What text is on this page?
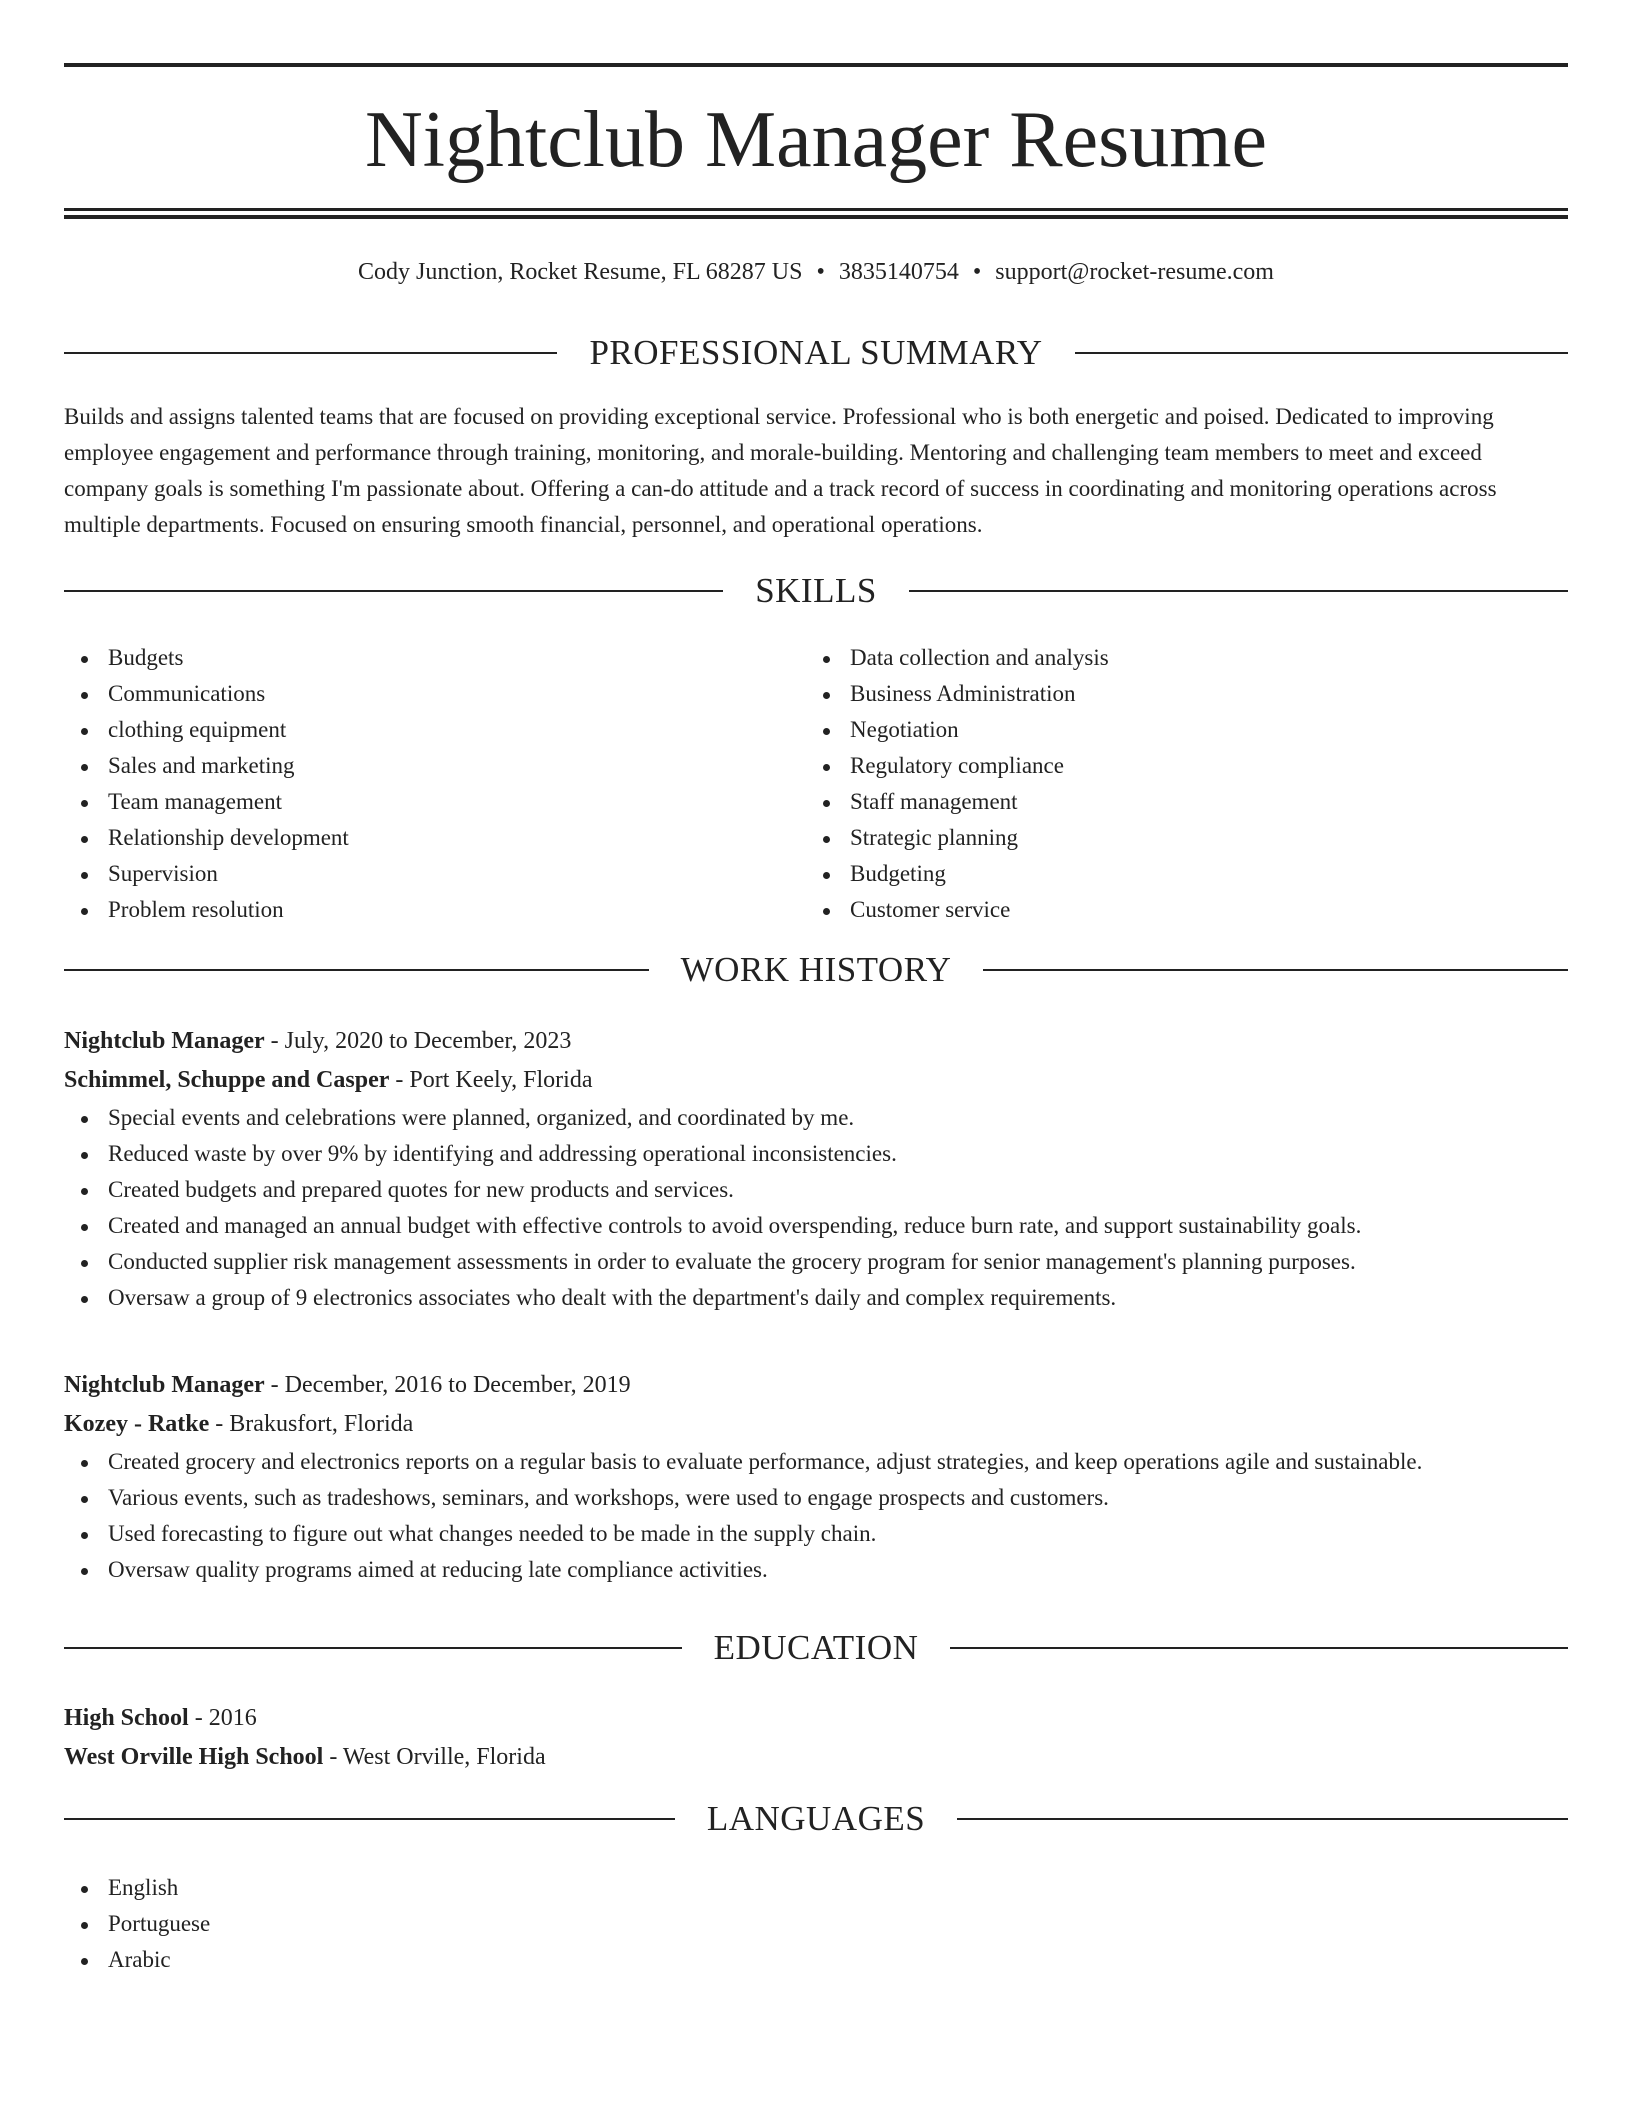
Nightclub Manager Resume
Cody Junction, Rocket Resume, FL 68287 US • 3835140754 • support@rocket-resume.com
PROFESSIONAL SUMMARY

Builds and assigns talented teams that are focused on providing exceptional service. Professional who is both energetic and poised. Dedicated to improving employee engagement and performance through training, monitoring, and morale-building. Mentoring and challenging team members to meet and exceed company goals is something I'm passionate about. Offering a can-do attitude and a track record of success in coordinating and monitoring operations across multiple departments. Focused on ensuring smooth financial, personnel, and operational operations.

SKILLS
Budgets
Communications
clothing equipment
Sales and marketing
Team management
Relationship development
Supervision
Problem resolution
Data collection and analysis
Business Administration
Negotiation
Regulatory compliance
Staff management
Strategic planning
Budgeting
Customer service
WORK HISTORY
Nightclub Manager - July, 2020 to December, 2023
Schimmel, Schuppe and Casper - Port Keely, Florida
Special events and celebrations were planned, organized, and coordinated by me.
Reduced waste by over 9% by identifying and addressing operational inconsistencies.
Created budgets and prepared quotes for new products and services.
Created and managed an annual budget with effective controls to avoid overspending, reduce burn rate, and support sustainability goals.
Conducted supplier risk management assessments in order to evaluate the grocery program for senior management's planning purposes.
Oversaw a group of 9 electronics associates who dealt with the department's daily and complex requirements.
Nightclub Manager - December, 2016 to December, 2019
Kozey - Ratke - Brakusfort, Florida
Created grocery and electronics reports on a regular basis to evaluate performance, adjust strategies, and keep operations agile and sustainable.
Various events, such as tradeshows, seminars, and workshops, were used to engage prospects and customers.
Used forecasting to figure out what changes needed to be made in the supply chain.
Oversaw quality programs aimed at reducing late compliance activities.
EDUCATION
High School - 2016
West Orville High School - West Orville, Florida
LANGUAGES
English
Portuguese
Arabic
